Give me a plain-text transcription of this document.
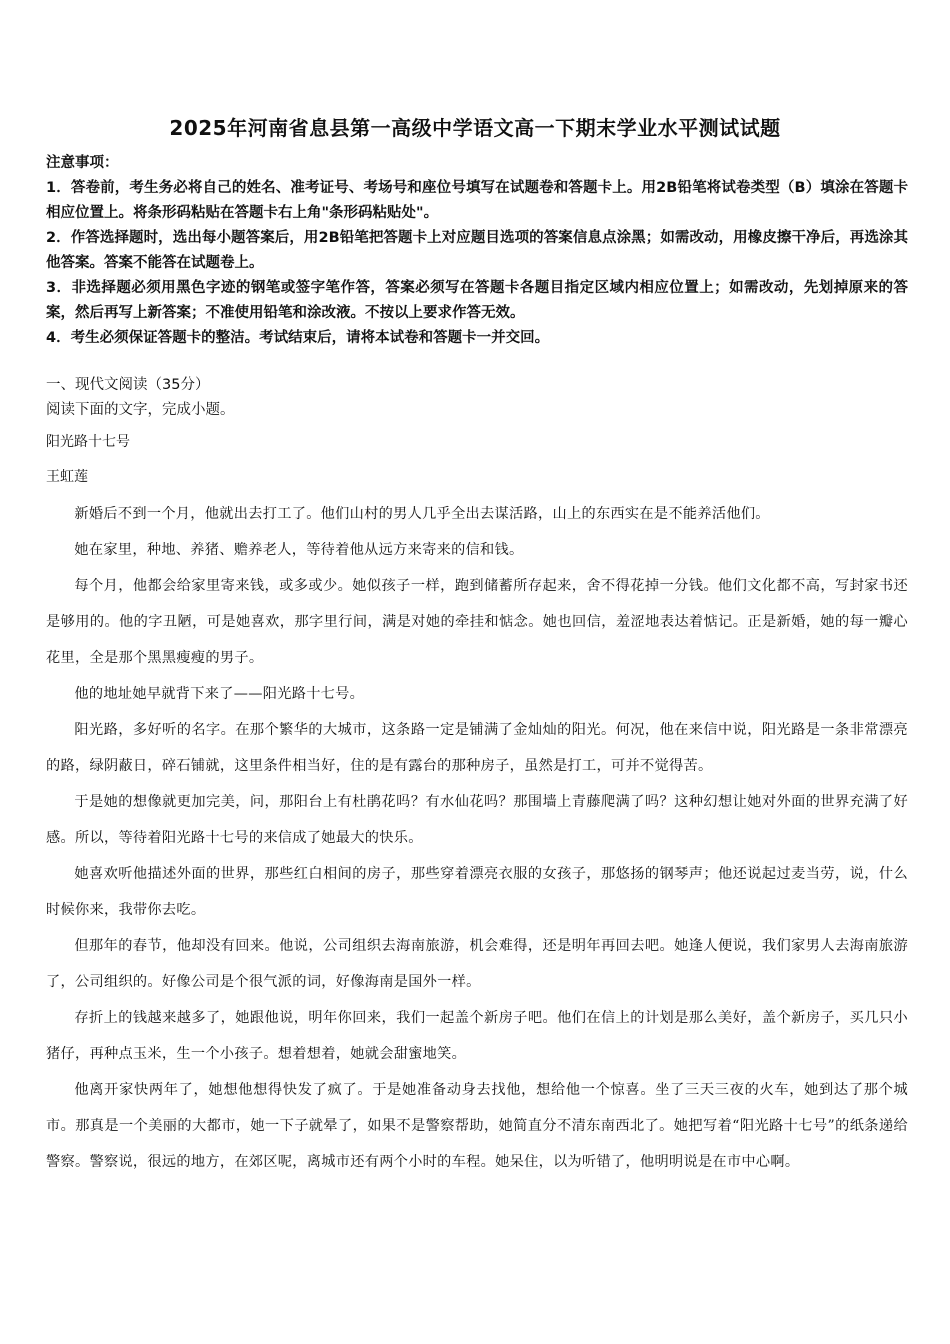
2025年河南省息县第一高级中学语文高一下期末学业水平测试试题

注意事项：

1．答卷前，考生务必将自己的姓名、准考证号、考场号和座位号填写在试题卷和答题卡上。用2B铅笔将试卷类型（B）填涂在答题卡相应位置上。将条形码粘贴在答题卡右上角"条形码粘贴处"。

2．作答选择题时，选出每小题答案后，用2B铅笔把答题卡上对应题目选项的答案信息点涂黑；如需改动，用橡皮擦干净后，再选涂其他答案。答案不能答在试题卷上。

3．非选择题必须用黑色字迹的钢笔或签字笔作答，答案必须写在答题卡各题目指定区域内相应位置上；如需改动，先划掉原来的答案，然后再写上新答案；不准使用铅笔和涂改液。不按以上要求作答无效。

4．考生必须保证答题卡的整洁。考试结束后，请将本试卷和答题卡一并交回。

一、现代文阅读（35分）

阅读下面的文字，完成小题。

阳光路十七号
王虹莲

新婚后不到一个月，他就出去打工了。他们山村的男人几乎全出去谋活路，山上的东西实在是不能养活他们。

她在家里，种地、养猪、赡养老人，等待着他从远方来寄来的信和钱。

每个月，他都会给家里寄来钱，或多或少。她似孩子一样，跑到储蓄所存起来，舍不得花掉一分钱。他们文化都不高，写封家书还是够用的。他的字丑陋，可是她喜欢，那字里行间，满是对她的牵挂和惦念。她也回信，羞涩地表达着惦记。正是新婚，她的每一瓣心花里，全是那个黑黑瘦瘦的男子。

他的地址她早就背下来了——阳光路十七号。

阳光路，多好听的名字。在那个繁华的大城市，这条路一定是铺满了金灿灿的阳光。何况，他在来信中说，阳光路是一条非常漂亮的路，绿阴蔽日，碎石铺就，这里条件相当好，住的是有露台的那种房子，虽然是打工，可并不觉得苦。

于是她的想像就更加完美，问，那阳台上有杜鹃花吗？有水仙花吗？那围墙上青藤爬满了吗？这种幻想让她对外面的世界充满了好感。所以，等待着阳光路十七号的来信成了她最大的快乐。

她喜欢听他描述外面的世界，那些红白相间的房子，那些穿着漂亮衣服的女孩子，那悠扬的钢琴声；他还说起过麦当劳，说，什么时候你来，我带你去吃。

但那年的春节，他却没有回来。他说，公司组织去海南旅游，机会难得，还是明年再回去吧。她逢人便说，我们家男人去海南旅游了，公司组织的。好像公司是个很气派的词，好像海南是国外一样。

存折上的钱越来越多了，她跟他说，明年你回来，我们一起盖个新房子吧。他们在信上的计划是那么美好，盖个新房子，买几只小猪仔，再种点玉米，生一个小孩子。想着想着，她就会甜蜜地笑。

他离开家快两年了，她想他想得快发了疯了。于是她准备动身去找他，想给他一个惊喜。坐了三天三夜的火车，她到达了那个城市。那真是一个美丽的大都市，她一下子就晕了，如果不是警察帮助，她简直分不清东南西北了。她把写着“阳光路十七号”的纸条递给警察。警察说，很远的地方，在郊区呢，离城市还有两个小时的车程。她呆住，以为听错了，他明明说是在市中心啊。
